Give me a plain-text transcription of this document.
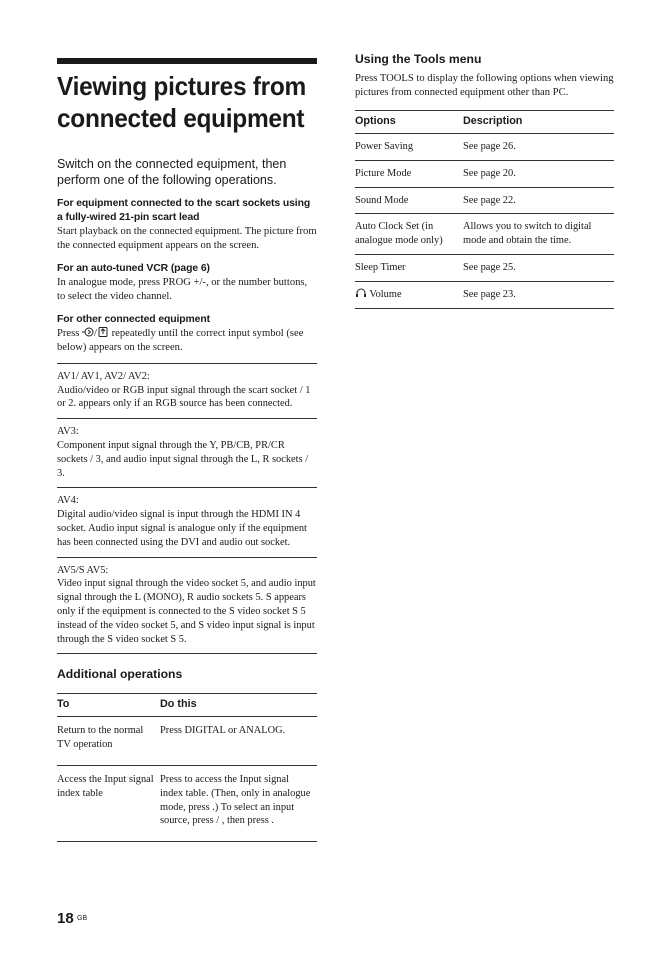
Viewing pictures from connected equipment

Switch on the connected equipment, then perform one of the following operations.

For equipment connected to the scart sockets using a fully-wired 21-pin scart lead

Start playback on the connected equipment. The picture from the connected equipment appears on the screen.

For an auto-tuned VCR (page 6)

In analogue mode, press PROG +/-, or the number buttons, to select the video channel.

For other connected equipment

Press / repeatedly until the correct input symbol (see below) appears on the screen.

AV1/ AV1, AV2/ AV2:
Audio/video or RGB input signal through the scart socket / 1 or 2. appears only if an RGB source has been connected.
AV3:
Component input signal through the Y, PB/CB, PR/CR sockets / 3, and audio input signal through the L, R sockets / 3.
AV4:
Digital audio/video signal is input through the HDMI IN 4 socket. Audio input signal is analogue only if the equipment has been connected using the DVI and audio out socket.
AV5/S AV5:
Video input signal through the video socket 5, and audio input signal through the L (MONO), R audio sockets 5. S appears only if the equipment is connected to the S video socket S 5 instead of the video socket 5, and S video input signal is input through the S video socket S 5.
Additional operations
To	Do this
Return to the normal TV operation	Press DIGITAL or ANALOG.
Access the Input signal index table	Press to access the Input signal index table. (Then, only in analogue mode, press .) To select an input source, press / , then press .
Using the Tools menu

Press TOOLS to display the following options when viewing pictures from connected equipment other than PC.

Options	Description
Power Saving	See page 26.
Picture Mode	See page 20.
Sound Mode	See page 22.
Auto Clock Set (in analogue mode only)	Allows you to switch to digital mode and obtain the time.
Sleep Timer	See page 25.

Volume	See page 23.
18 GB
